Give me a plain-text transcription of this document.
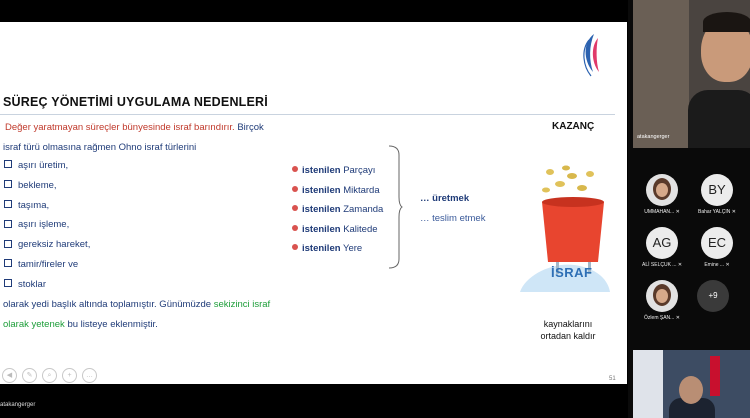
SÜREÇ YÖNETİMİ UYGULAMA NEDENLERİ
Değer yaratmayan süreçler bünyesinde israf barındırır. Birçok
israf türü olmasına rağmen Ohno israf türlerini
aşırı üretim,
bekleme,
taşıma,
aşırı işleme,
gereksiz hareket,
tamir/fireler ve
stoklar
olarak yedi başlık altında toplamıştır. Günümüzde sekizinci israf
olarak yetenek bu listeye eklenmiştir.
istenilen Parçayı
istenilen Miktarda
istenilen Zamanda
istenilen Kalitede
istenilen Yere
… üretmek
… teslim etmek
KAZANÇ
İSRAF
kaynaklarını ortadan kaldır
◀	✎	⌕	+	…	51
atakangerger
atakangerger
UMMAHAN... ✕
BY
Bahar YALÇIN ✕
AG
ALİ SELÇUK ... ✕
EC
Emine ... ✕
Özlem ŞAN... ✕
+9
